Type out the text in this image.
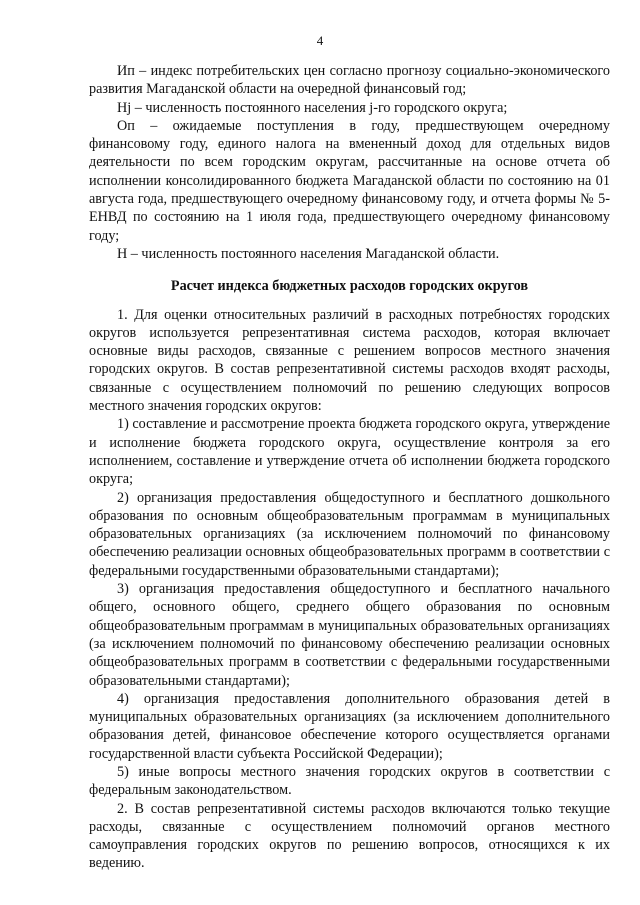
4

Ип – индекс потребительских цен согласно прогнозу социально-экономического развития Магаданской области на очередной финансовый год;

Нj – численность постоянного населения j-го городского округа;

Оп – ожидаемые поступления в году, предшествующем очередному финансовому году, единого налога на вмененный доход для отдельных видов деятельности по всем городским округам, рассчитанные на основе отчета об исполнении консолидированного бюджета Магаданской области по состоянию на 01 августа года, предшествующего очередному финансовому году, и отчета формы № 5-ЕНВД по состоянию на 1 июля года, предшествующего очередному финансовому году;

Н – численность постоянного населения Магаданской области.

Расчет индекса бюджетных расходов городских округов

1. Для оценки относительных различий в расходных потребностях городских округов используется репрезентативная система расходов, которая включает основные виды расходов, связанные с решением вопросов местного значения городских округов. В состав репрезентативной системы расходов входят расходы, связанные с осуществлением полномочий по решению следующих вопросов местного значения городских округов:

1) составление и рассмотрение проекта бюджета городского округа, утверждение и исполнение бюджета городского округа, осуществление контроля за его исполнением, составление и утверждение отчета об исполнении бюджета городского округа;

2) организация предоставления общедоступного и бесплатного дошкольного образования по основным общеобразовательным программам в муниципальных образовательных организациях (за исключением полномочий по финансовому обеспечению реализации основных общеобразовательных программ в соответствии с федеральными государственными образовательными стандартами);

3) организация предоставления общедоступного и бесплатного начального общего, основного общего, среднего общего образования по основным общеобразовательным программам в муниципальных образовательных организациях (за исключением полномочий по финансовому обеспечению реализации основных общеобразовательных программ в соответствии с федеральными государственными образовательными стандартами);

4) организация предоставления дополнительного образования детей в муниципальных образовательных организациях (за исключением дополнительного образования детей, финансовое обеспечение которого осуществляется органами государственной власти субъекта Российской Федерации);

5) иные вопросы местного значения городских округов в соответствии с федеральным законодательством.

2. В состав репрезентативной системы расходов включаются только текущие расходы, связанные с осуществлением полномочий органов местного самоуправления городских округов по решению вопросов, относящихся к их ведению.
